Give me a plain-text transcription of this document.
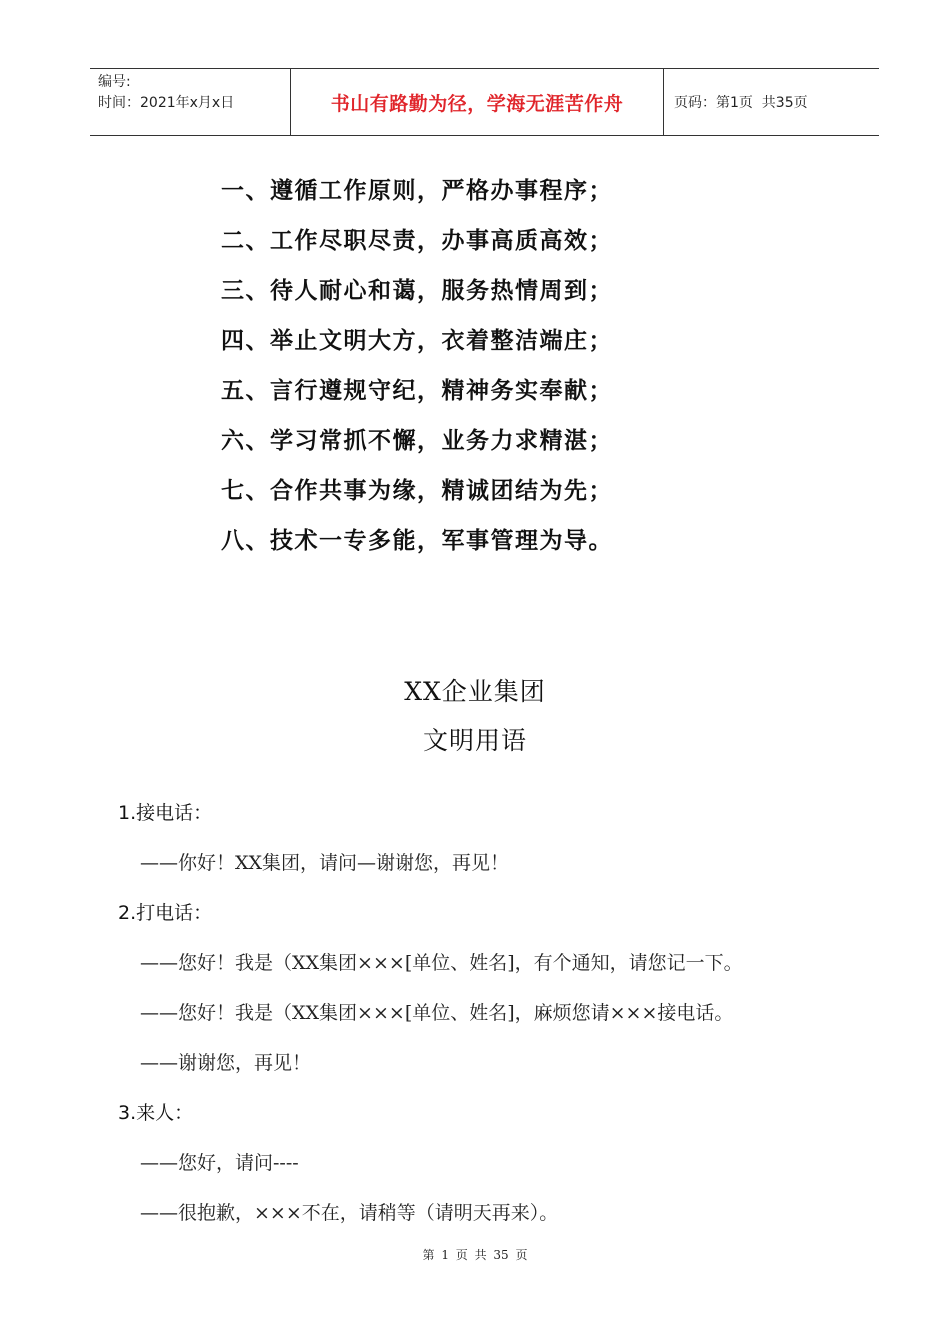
编号:
时间：2021年x月x日	书山有路勤为径，学海无涯苦作舟	页码：第1页  共35页
一、遵循工作原则，严格办事程序；
二、工作尽职尽责，办事高质高效；
三、待人耐心和蔼，服务热情周到；
四、举止文明大方，衣着整洁端庄；
五、言行遵规守纪，精神务实奉献；
六、学习常抓不懈，业务力求精湛；
七、合作共事为缘，精诚团结为先；
八、技术一专多能，军事管理为导。
XX企业集团
文明用语
1.接电话：
——你好！XX集团，请问—谢谢您，再见！
2.打电话：
——您好！我是（XX集团×××[单位、姓名]，有个通知，请您记一下。
——您好！我是（XX集团×××[单位、姓名]，麻烦您请×××接电话。
——谢谢您，再见！
3.来人：
——您好，请问----
——很抱歉，×××不在，请稍等（请明天再来）。
第 1 页 共 35 页
